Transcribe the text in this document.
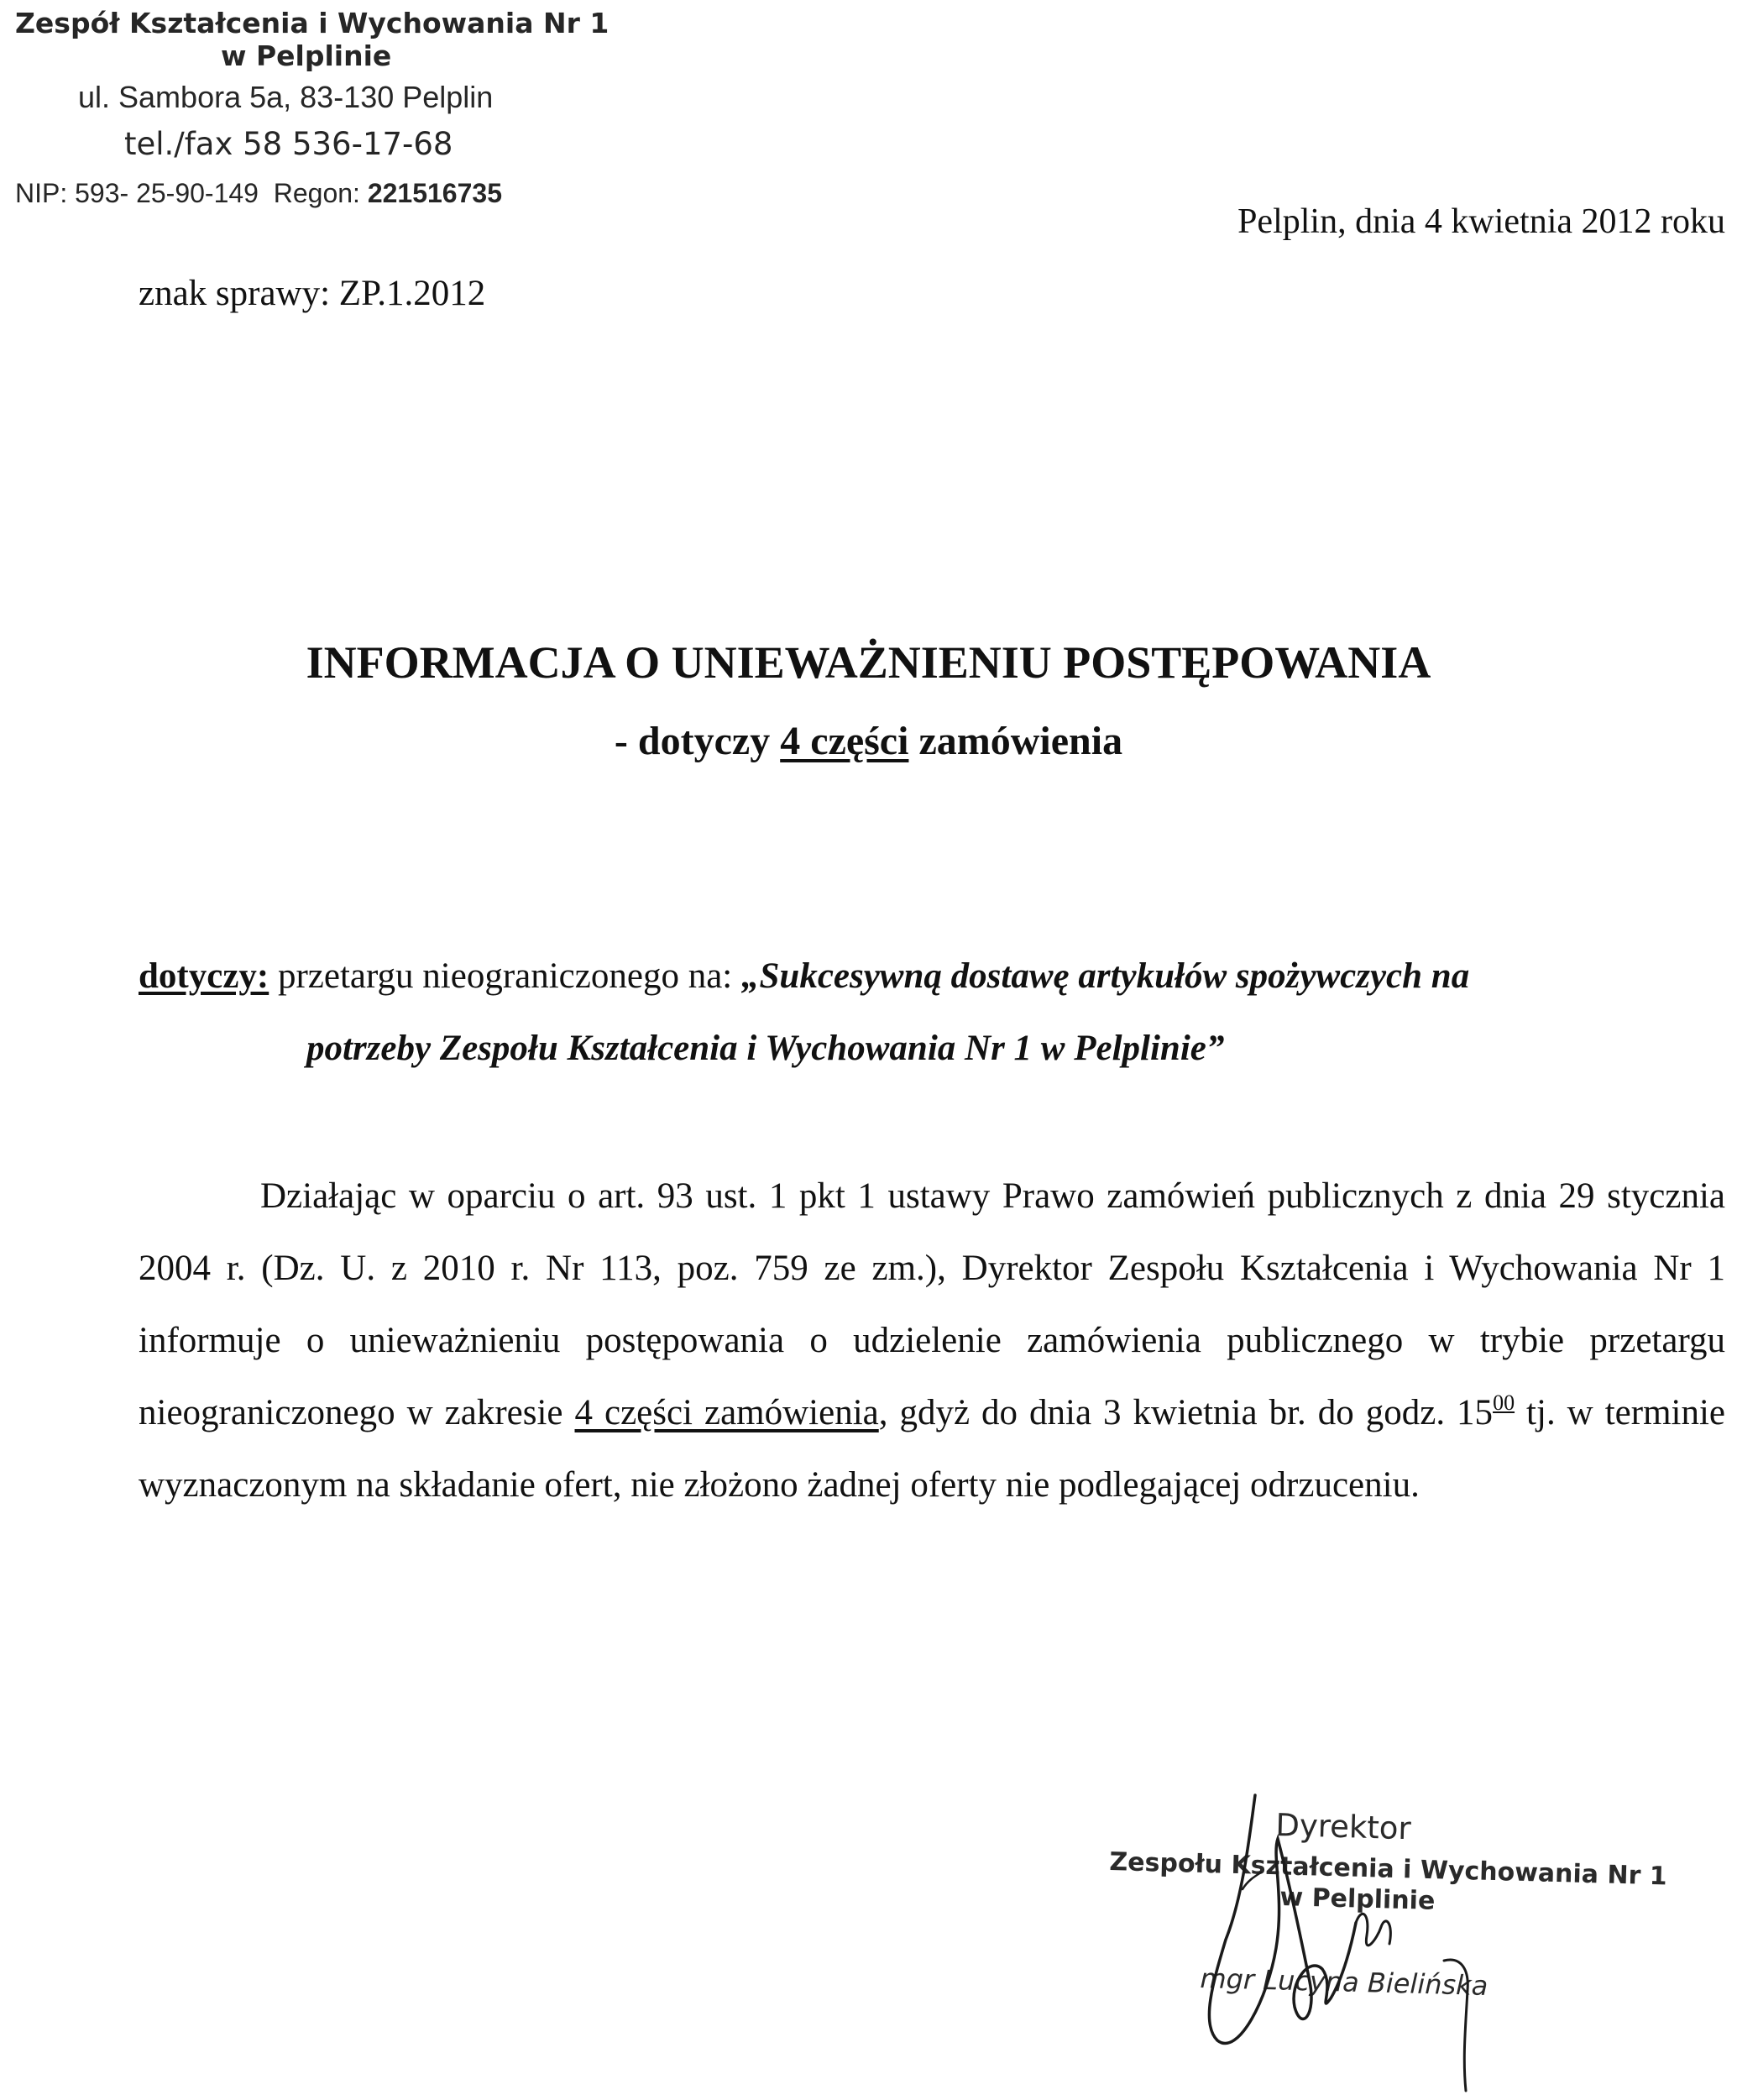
Zespół Kształcenia i Wychowania Nr 1
w Pelplinie
ul. Sambora 5a, 83-130 Pelplin
tel./fax 58 536-17-68
NIP: 593- 25-90-149 Regon: 221516735
Pelplin, dnia 4 kwietnia 2012 roku
znak sprawy: ZP.1.2012
INFORMACJA O UNIEWAŻNIENIU POSTĘPOWANIA
- dotyczy 4 części zamówienia
dotyczy: przetargu nieograniczonego na: „Sukcesywną dostawę artykułów spożywczych na
potrzeby Zespołu Kształcenia i Wychowania Nr 1 w Pelplinie”
Działając w oparciu o art. 93 ust. 1 pkt 1 ustawy Prawo zamówień publicznych z dnia 29 stycznia 2004 r. (Dz. U. z 2010 r. Nr 113, poz. 759 ze zm.), Dyrektor Zespołu Kształcenia i Wychowania Nr 1 informuje o unieważnieniu postępowania o udzielenie zamówienia publicznego w trybie przetargu nieograniczonego w zakresie 4 części zamówienia, gdyż do dnia 3 kwietnia br. do godz. $15^{00}$ tj. w terminie wyznaczonym na składanie ofert, nie złożono żadnej oferty nie podlegającej odrzuceniu.
Dyrektor
Zespołu Kształcenia i Wychowania Nr 1
w Pelplinie
mgr Lucyna Bielińska
